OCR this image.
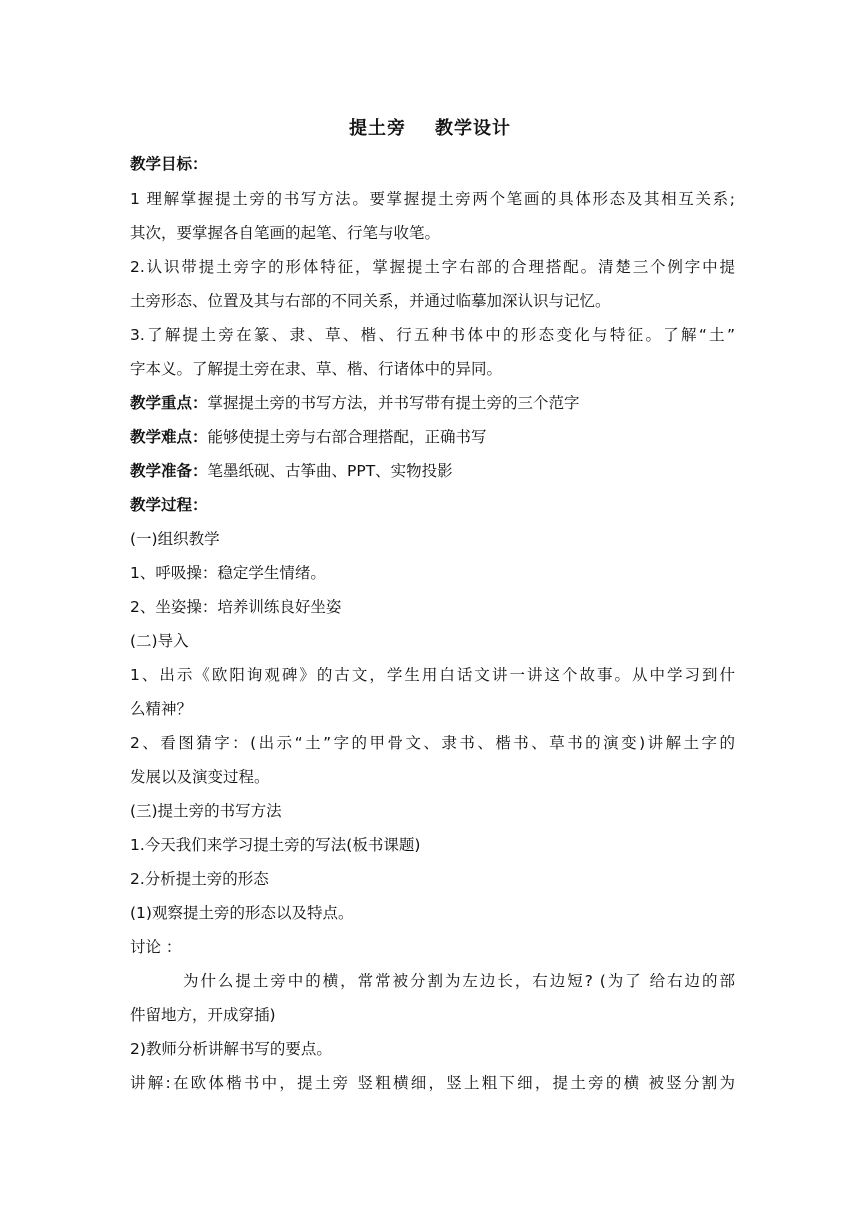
提土旁    教学设计
教学目标：
1 理解掌握提土旁的书写方法。要掌握提土旁两个笔画的具体形态及其相互关系;
其次，要掌握各自笔画的起笔、行笔与收笔。
2.认识带提土旁字的形体特征，掌握提土字右部的合理搭配。清楚三个例字中提
土旁形态、位置及其与右部的不同关系，并通过临摹加深认识与记忆。
3.了解提土旁在篆、隶、草、楷、行五种书体中的形态变化与特征。了解“土”
字本义。了解提土旁在隶、草、楷、行诸体中的异同。
教学重点：掌握提土旁的书写方法，并书写带有提土旁的三个范字
教学难点：能够使提土旁与右部合理搭配，正确书写
教学准备：笔墨纸砚、古筝曲、PPT、实物投影
教学过程：
(一)组织教学
1、呼吸操：稳定学生情绪。
2、坐姿操：培养训练良好坐姿
(二)导入
1、出示《欧阳询观碑》的古文，学生用白话文讲一讲这个故事。从中学习到什
么精神？
2、看图猜字：(出示“土”字的甲骨文、隶书、楷书、草书的演变)讲解土字的
发展以及演变过程。
(三)提土旁的书写方法
1.今天我们来学习提土旁的写法(板书课题)
2.分析提土旁的形态
(1)观察提土旁的形态以及特点。
讨论 ：
为什么提土旁中的横，常常被分割为左边长，右边短? (为了 给右边的部
件留地方，开成穿插)
2)教师分析讲解书写的要点。
讲解:在欧体楷书中，提土旁 竖粗横细，竖上粗下细，提土旁的横 被竖分割为
